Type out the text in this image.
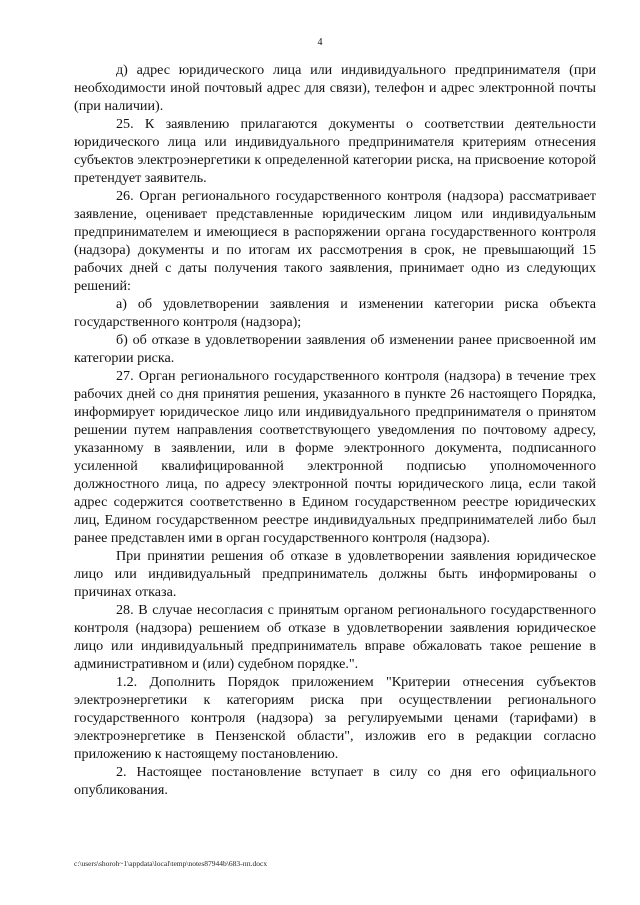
4

д) адрес юридического лица или индивидуального предпринимателя (при необходимости иной почтовый адрес для связи), телефон и адрес электронной почты (при наличии).

25. К заявлению прилагаются документы о соответствии деятельности юридического лица или индивидуального предпринимателя критериям отнесения субъектов электроэнергетики к определенной категории риска, на присвоение которой претендует заявитель.

26. Орган регионального государственного контроля (надзора) рассматривает заявление, оценивает представленные юридическим лицом или индивидуальным предпринимателем и имеющиеся в распоряжении органа государственного контроля (надзора) документы и по итогам их рассмотрения в срок, не превышающий 15 рабочих дней с даты получения такого заявления, принимает одно из следующих решений:

а) об удовлетворении заявления и изменении категории риска объекта государственного контроля (надзора);

б) об отказе в удовлетворении заявления об изменении ранее присвоенной им категории риска.

27. Орган регионального государственного контроля (надзора) в течение трех рабочих дней со дня принятия решения, указанного в пункте 26 настоящего Порядка, информирует юридическое лицо или индивидуального предпринимателя о принятом решении путем направления соответствующего уведомления по почтовому адресу, указанному в заявлении, или в форме электронного документа, подписанного усиленной квалифицированной электронной подписью уполномоченного должностного лица, по адресу электронной почты юридического лица, если такой адрес содержится соответственно в Едином государственном реестре юридических лиц, Едином государственном реестре индивидуальных предпринимателей либо был ранее представлен ими в орган государственного контроля (надзора).

При принятии решения об отказе в удовлетворении заявления юридическое лицо или индивидуальный предприниматель должны быть информированы о причинах отказа.

28. В случае несогласия с принятым органом регионального государственного контроля (надзора) решением об отказе в удовлетворении заявления юридическое лицо или индивидуальный предприниматель вправе обжаловать такое решение в административном и (или) судебном порядке.".

1.2. Дополнить Порядок приложением "Критерии отнесения субъектов электроэнергетики к категориям риска при осуществлении регионального государственного контроля (надзора) за регулируемыми ценами (тарифами) в электроэнергетике в Пензенской области", изложив его в редакции согласно приложению к настоящему постановлению.

2. Настоящее постановление вступает в силу со дня его официального опубликования.

c:\users\shoroh~1\appdata\local\temp\notes87944b\683-пп.docx
